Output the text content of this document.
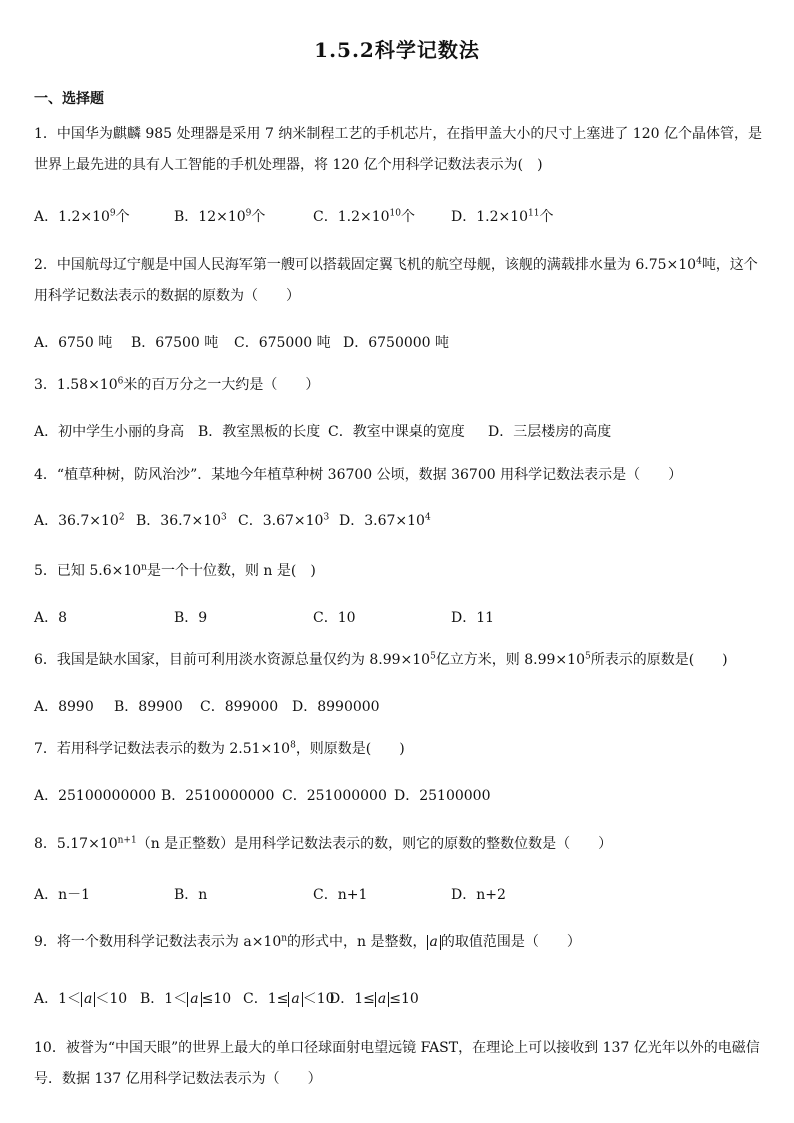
1.5.2科学记数法
一、选择题
1．中国华为麒麟 985 处理器是采用 7 纳米制程工艺的手机芯片，在指甲盖大小的尺寸上塞进了 120 亿个晶体管，是世界上最先进的具有人工智能的手机处理器，将 120 亿个用科学记数法表示为(　)
A．$1.2\times 10^9$个	B．$12\times 10^9$个	C．$1.2\times 10^{10}$个	D．$1.2\times 10^{11}$个
2．中国航母辽宁舰是中国人民海军第一艘可以搭载固定翼飞机的航空母舰，该舰的满载排水量为 $6.75\times 10^4$吨，这个用科学记数法表示的数据的原数为（　　）
A．6750 吨 B．67500 吨 C．675000 吨 D．6750000 吨
3．$1.58\times 10^6$米的百万分之一大约是（　　）
A．初中学生小丽的身高 B．教室黑板的长度 C．教室中课桌的宽度 D．三层楼房的高度
4．“植草种树，防风治沙”．某地今年植草种树 36700 公顷，数据 36700 用科学记数法表示是（　　）
A．$36.7\times 10^2$ B．$36.7\times 10^3$ C．$3.67\times 10^3$ D．$3.67\times 10^4$
5．已知 $5.6\times 10^n$是一个十位数，则 n 是(　)
A．8	B．9	C．10	D．11
6．我国是缺水国家，目前可利用淡水资源总量仅约为 $8.99\times 10^5$亿立方米，则 $8.99\times 10^5$所表示的原数是(　　)
A．8990 B．89900 C．899000 D．8990000
7．若用科学记数法表示的数为 $2.51\times 10^8$，则原数是(　　)
A．25100000000 B．2510000000 C．251000000 D．25100000
8．$5.17\times 10^{n+1}(n$ 是正整数）是用科学记数法表示的数，则它的原数的整数位数是（　　）
A．n－1	B．n	C．n+1	D．n+2
9．将一个数用科学记数法表示为 $a\times 10^n$的形式中，n 是整数， a 的取值范围是（　　）
A．1＜ a ＜10 B．1＜ a ≤10 C．1≤ a ＜10D．1≤ a ≤10
10．被誉为“中国天眼”的世界上最大的单口径球面射电望远镜 FAST，在理论上可以接收到 137 亿光年以外的电磁信号．数据 137 亿用科学记数法表示为（　　）
